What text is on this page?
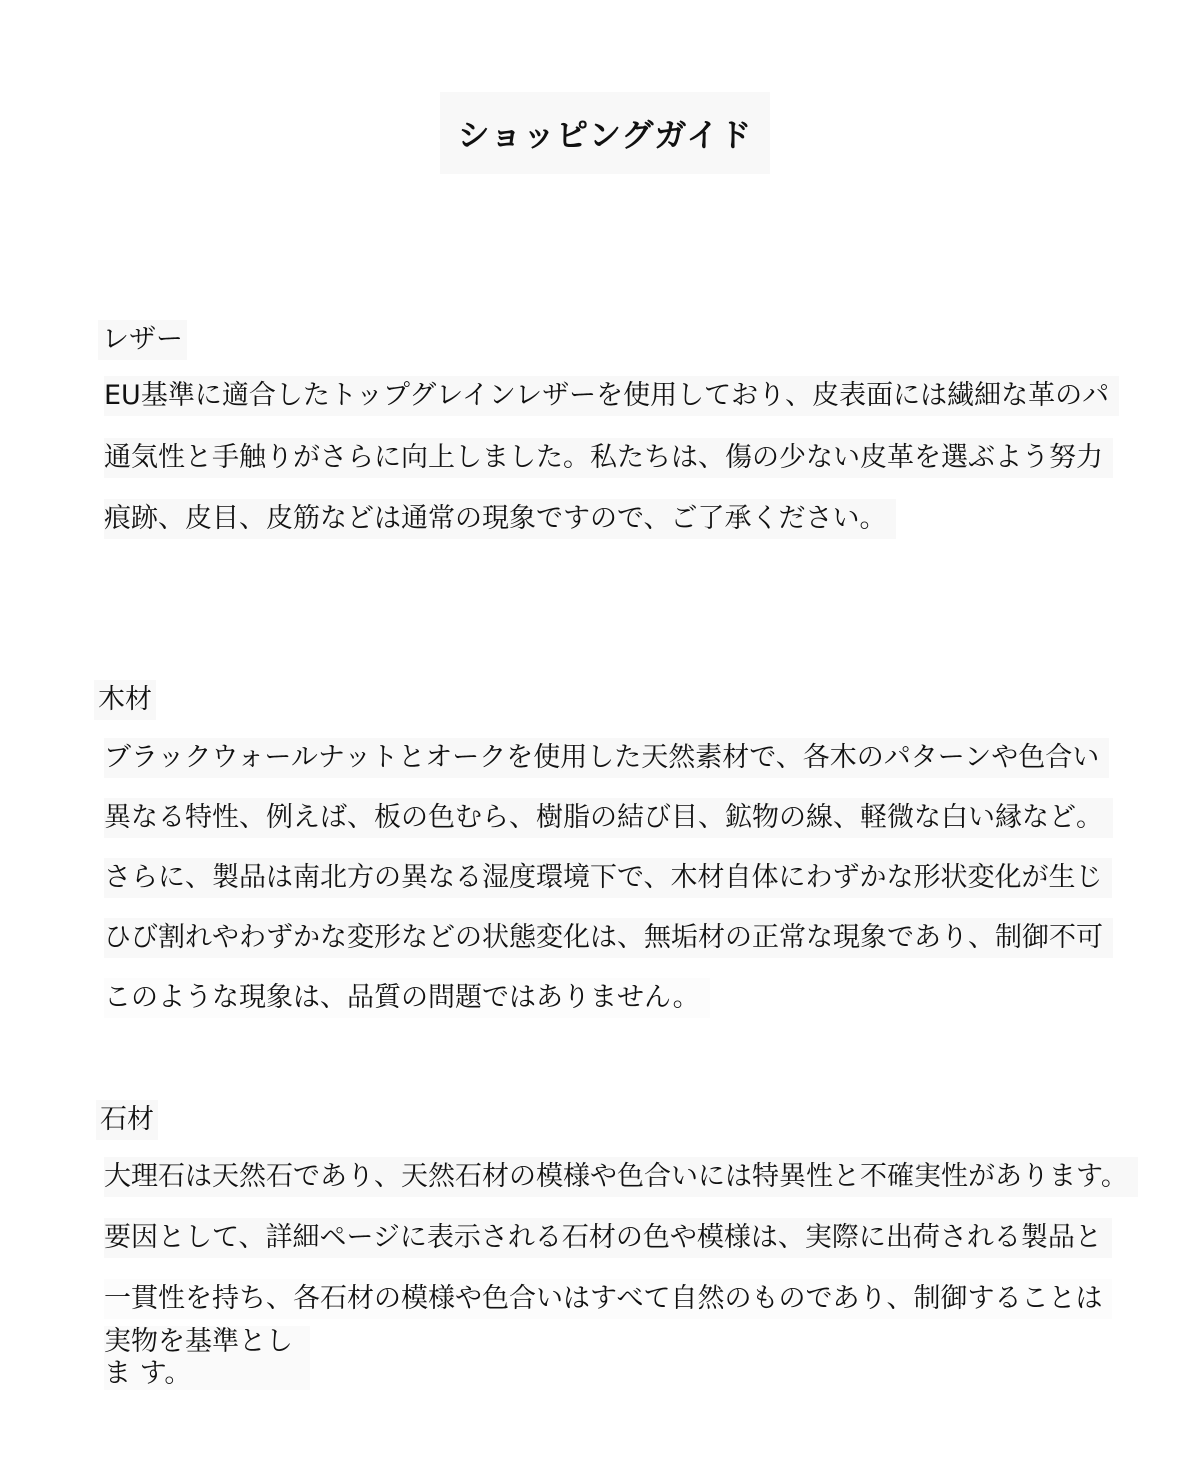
ショッピングガイド
レザー
EU基準に適合したトップグレインレザーを使用しており、皮表面には繊細な革のパ
通気性と手触りがさらに向上しました。私たちは、傷の少ない皮革を選ぶよう努力
痕跡、皮目、皮筋などは通常の現象ですので、ご了承ください。
木材
ブラックウォールナットとオークを使用した天然素材で、各木のパターンや色合い
異なる特性、例えば、板の色むら、樹脂の結び目、鉱物の線、軽微な白い縁など。
さらに、製品は南北方の異なる湿度環境下で、木材自体にわずかな形状変化が生じ
ひび割れやわずかな変形などの状態変化は、無垢材の正常な現象であり、制御不可
このような現象は、品質の問題ではありません。
石材
大理石は天然石であり、天然石材の模様や色合いには特異性と不確実性があります。
要因として、詳細ページに表示される石材の色や模様は、実際に出荷される製品と
一貫性を持ち、各石材の模様や色合いはすべて自然のものであり、制御することは
実物を基準としま す。
